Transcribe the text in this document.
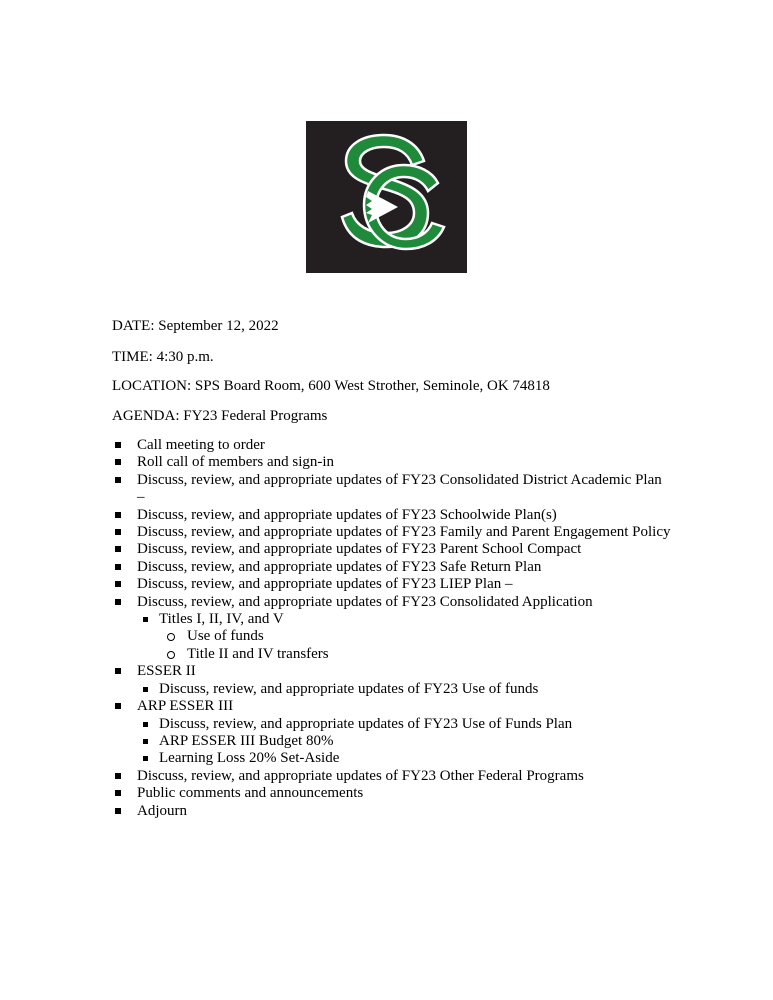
DATE: September 12, 2022

TIME: 4:30 p.m.

LOCATION: SPS Board Room, 600 West Strother, Seminole, OK 74818

AGENDA: FY23 Federal Programs

Call meeting to order
Roll call of members and sign-in
Discuss, review, and appropriate updates of FY23 Consolidated District Academic Plan –
Discuss, review, and appropriate updates of FY23 Schoolwide Plan(s)
Discuss, review, and appropriate updates of FY23 Family and Parent Engagement Policy
Discuss, review, and appropriate updates of FY23 Parent School Compact
Discuss, review, and appropriate updates of FY23 Safe Return Plan
Discuss, review, and appropriate updates of FY23 LIEP Plan –
Discuss, review, and appropriate updates of FY23 Consolidated Application
Titles I, II, IV, and V
Use of funds
Title II and IV transfers
ESSER II
Discuss, review, and appropriate updates of FY23 Use of funds
ARP ESSER III
Discuss, review, and appropriate updates of FY23 Use of Funds Plan
ARP ESSER III Budget 80%
Learning Loss 20% Set-Aside
Discuss, review, and appropriate updates of FY23 Other Federal Programs
Public comments and announcements
Adjourn
